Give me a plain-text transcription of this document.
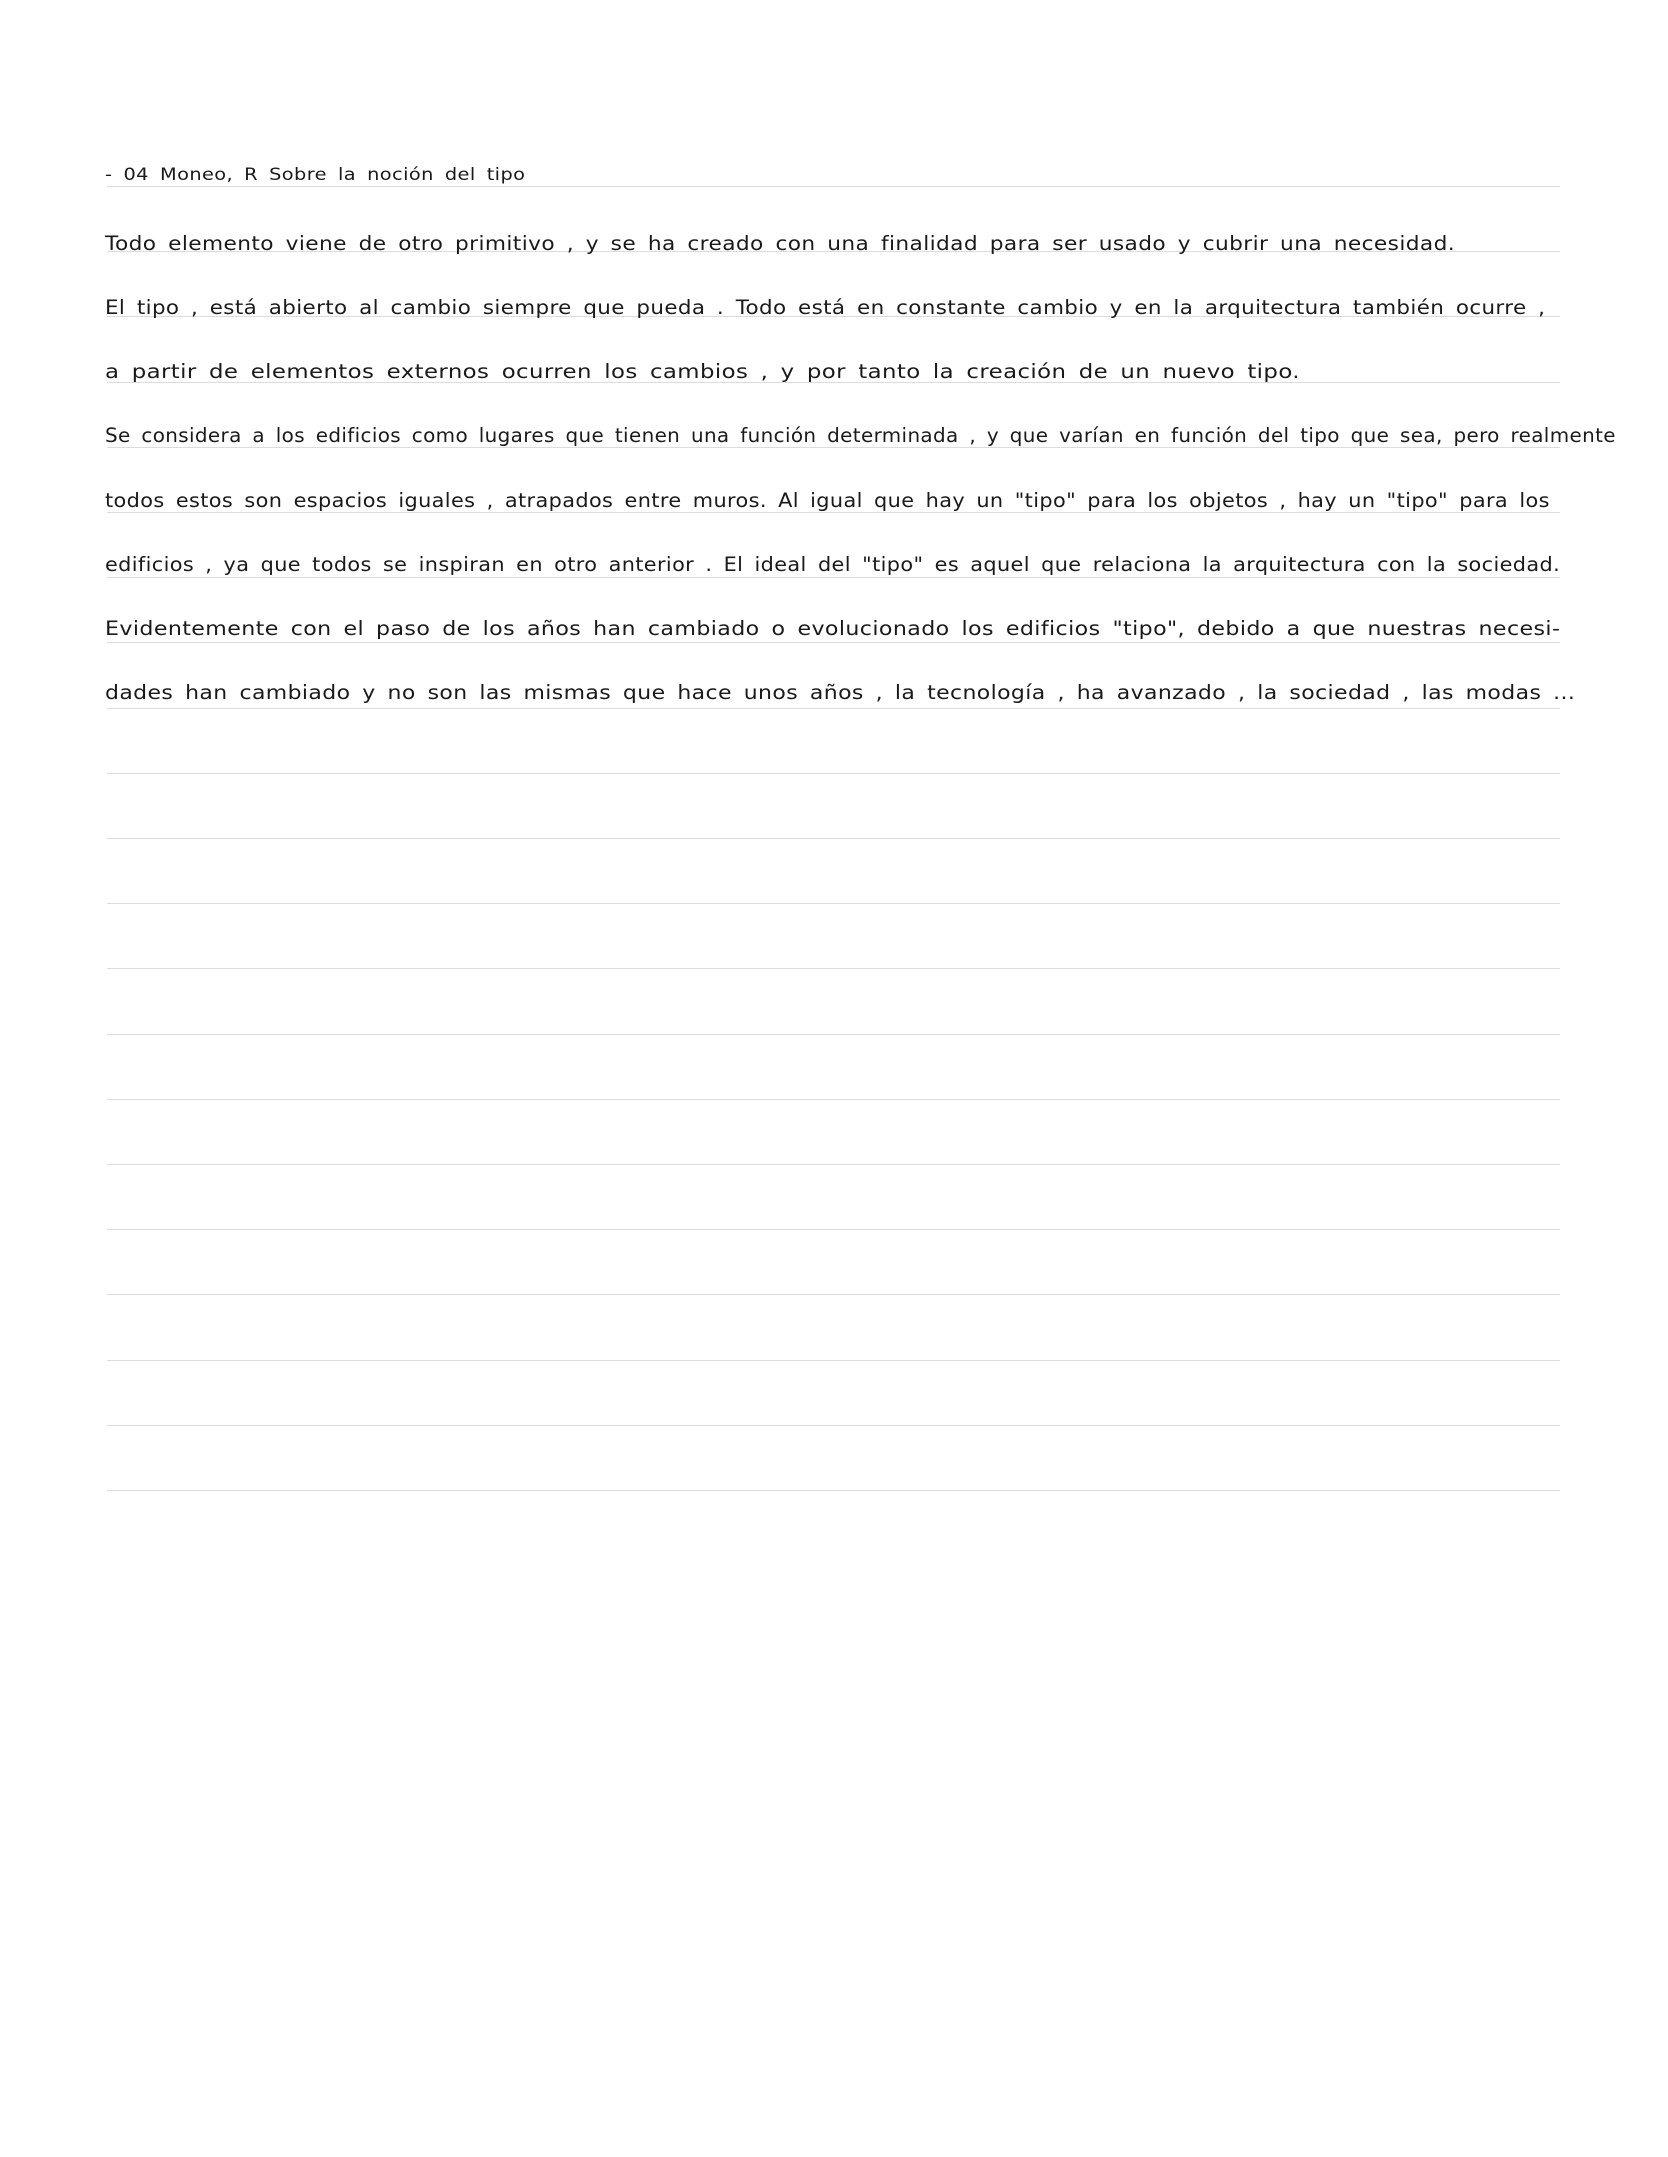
- 04 Moneo, R Sobre la noción del tipo
Todo elemento viene de otro primitivo , y se ha creado con una finalidad para ser usado y cubrir una necesidad.
El tipo , está abierto al cambio siempre que pueda . Todo está en constante cambio y en la arquitectura también ocurre ,
a partir de elementos externos ocurren los cambios , y por tanto la creación de un nuevo tipo.
Se considera a los edificios como lugares que tienen una función determinada , y que varían en función del tipo que sea, pero realmente
todos estos son espacios iguales , atrapados entre muros. Al igual que hay un "tipo" para los objetos , hay un "tipo" para los
edificios , ya que todos se inspiran en otro anterior . El ideal del "tipo" es aquel que relaciona la arquitectura con la sociedad.
Evidentemente con el paso de los años han cambiado o evolucionado los edificios "tipo", debido a que nuestras necesi-
dades han cambiado y no son las mismas que hace unos años , la tecnología , ha avanzado , la sociedad , las modas ...
